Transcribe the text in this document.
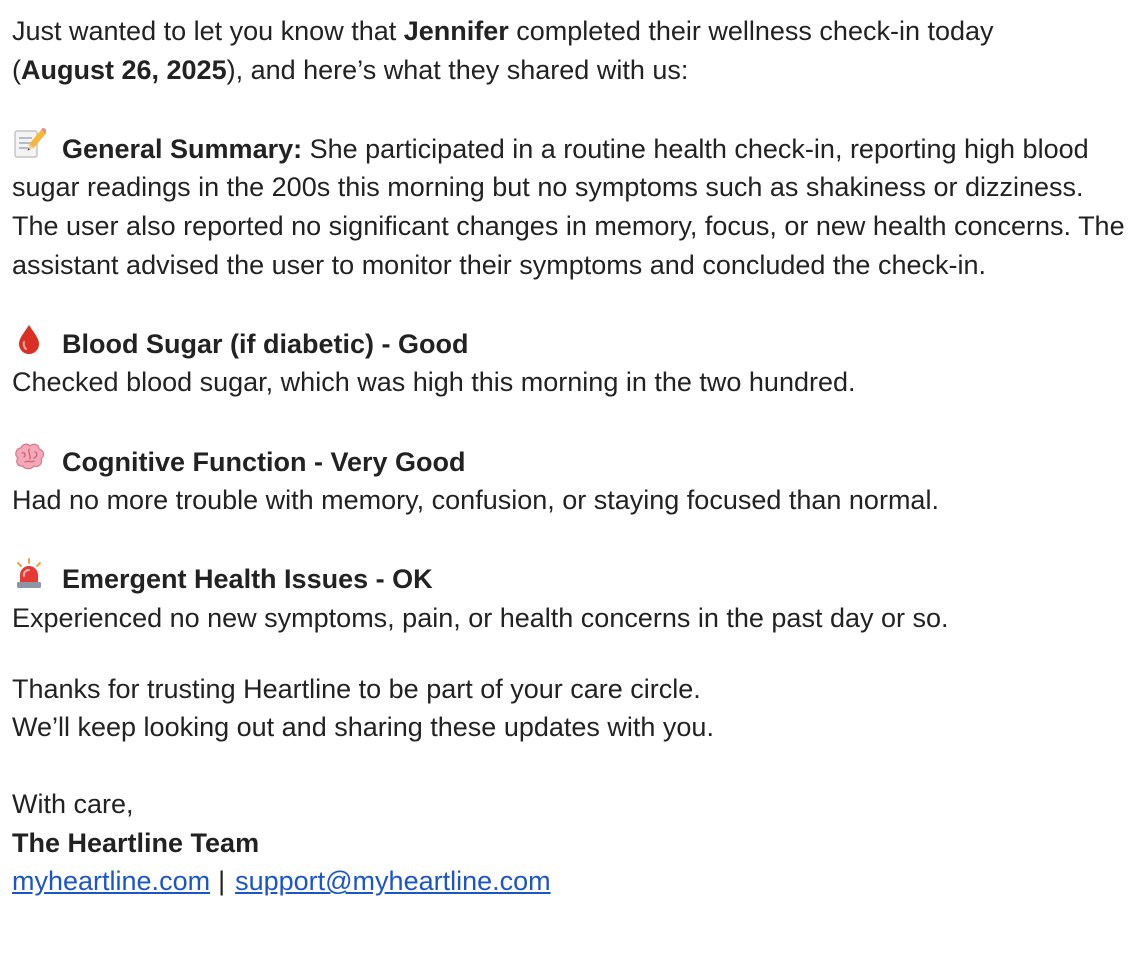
Just wanted to let you know that Jennifer completed their wellness check-in today
(August 26, 2025), and here’s what they shared with us:

General Summary: She participated in a routine health check-in, reporting high blood sugar readings in the 200s this morning but no symptoms such as shakiness or dizziness. The user also reported no significant changes in memory, focus, or new health concerns. The assistant advised the user to monitor their symptoms and concluded the check-in.

Blood Sugar (if diabetic) - Good

Checked blood sugar, which was high this morning in the two hundred.

Cognitive Function - Very Good

Had no more trouble with memory, confusion, or staying focused than normal.

Emergent Health Issues - OK

Experienced no new symptoms, pain, or health concerns in the past day or so.

Thanks for trusting Heartline to be part of your care circle.

We’ll keep looking out and sharing these updates with you.

With care,

The Heartline Team

myheartline.com | support@myheartline.com
